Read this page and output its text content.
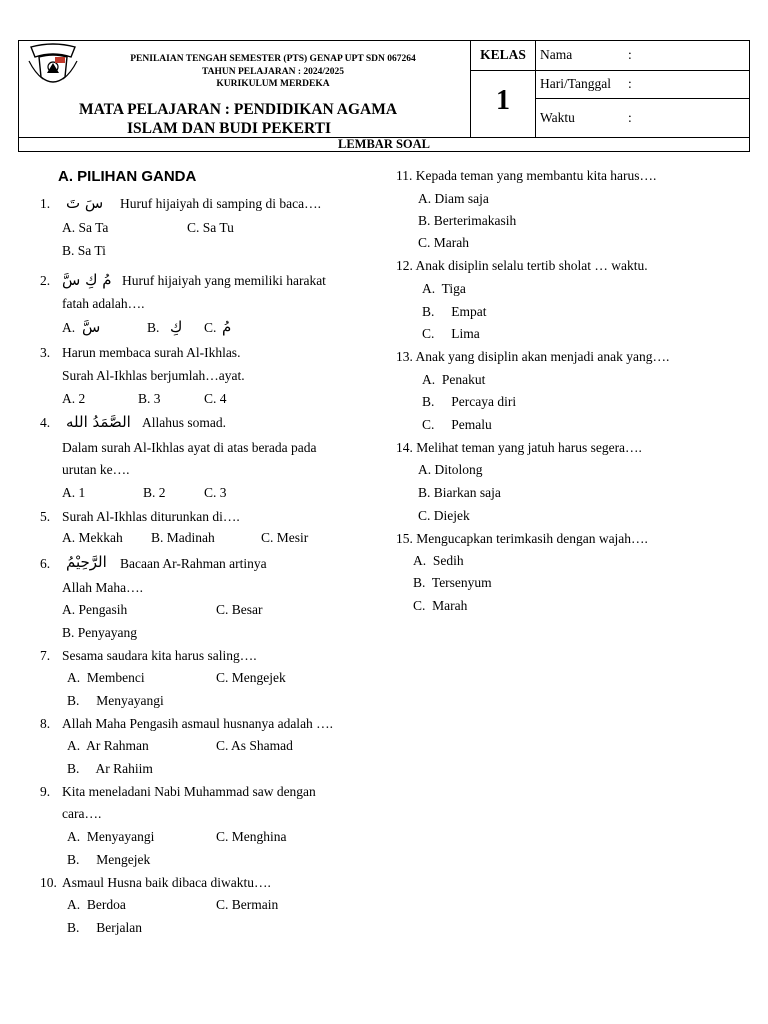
PENILAIAN TENGAH SEMESTER (PTS) GENAP UPT SDN 067264
TAHUN PELAJARAN : 2024/2025
KURIKULUM MERDEKA
MATA PELAJARAN : PENDIDIKAN AGAMA
ISLAM DAN BUDI PEKERTI
KELAS
1
Nama	:
Hari/Tanggal :
Waktu	:
LEMBAR SOAL
A. PILIHAN GANDA
1. سَ تَ Huruf hijaiyah di samping di baca….
A. Sa Ta	C. Sa Tu
B. Sa Ti
2. مُ كِ سَّ Huruf hijaiyah yang memiliki harakat
fatah adalah….
A. سَّ	B. كِ C. مُ
3. Harun membaca surah Al-Ikhlas.
Surah Al-Ikhlas berjumlah…ayat.
A. 2	B. 3	C. 4
4. الصَّمَدُ الله Allahus somad.
Dalam surah Al-Ikhlas ayat di atas berada pada
urutan ke….
A. 1	B. 2	C. 3
5. Surah Al-Ikhlas diturunkan di….
A. Mekkah B. Madinah	C. Mesir
6. الرَّحِيْمُ Bacaan Ar-Rahman artinya
Allah Maha….
A. Pengasih	C. Besar
B. Penyayang
7. Sesama saudara kita harus saling….
A.  Membenci	C. Mengejek
B.     Menyayangi
8. Allah Maha Pengasih asmaul husnanya adalah ….
A.  Ar Rahman	C. As Shamad
B.     Ar Rahiim
9. Kita meneladani Nabi Muhammad saw dengan
cara….
A.  Menyayangi	C. Menghina
B.     Mengejek
10. Asmaul Husna baik dibaca diwaktu….
A.  Berdoa	C. Bermain
B.     Berjalan
11. Kepada teman yang membantu kita harus….
A. Diam saja
B. Berterimakasih
C. Marah
12. Anak disiplin selalu tertib sholat … waktu.
A.  Tiga
B.     Empat
C.     Lima
13. Anak yang disiplin akan menjadi anak yang….
A.  Penakut
B.     Percaya diri
C.     Pemalu
14. Melihat teman yang jatuh harus segera….
A. Ditolong
B. Biarkan saja
C. Diejek
15. Mengucapkan terimkasih dengan wajah….
A.  Sedih
B.  Tersenyum
C.  Marah
